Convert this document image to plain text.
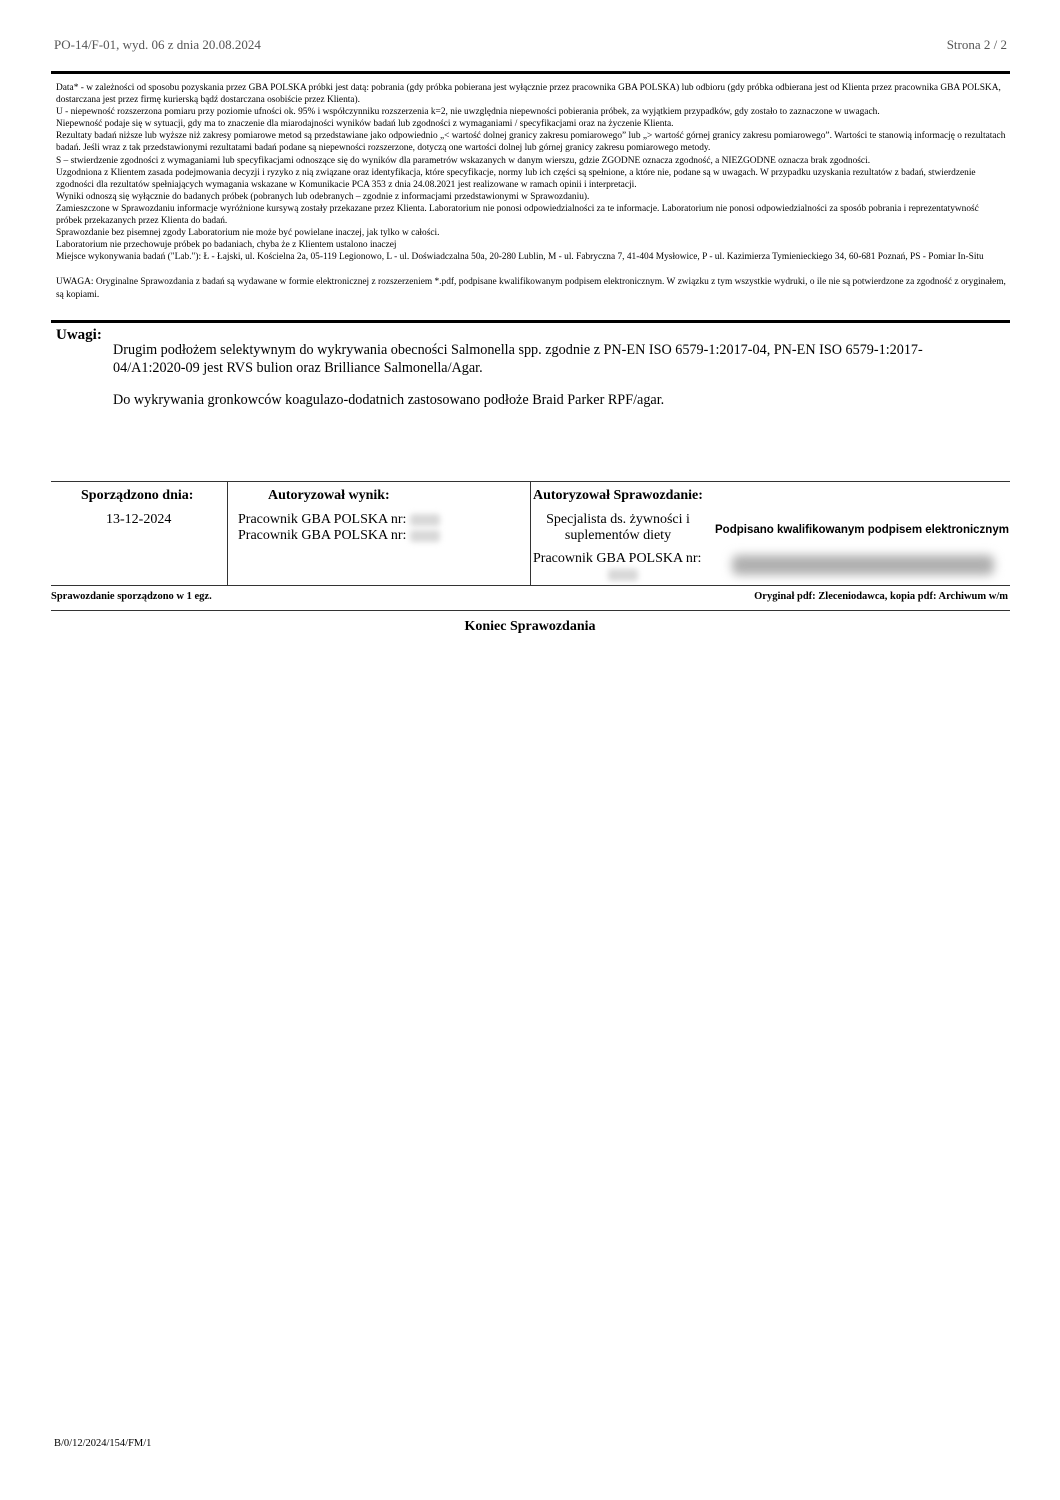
PO-14/F-01, wyd. 06 z dnia 20.08.2024	Strona 2 / 2
Data* - w zależności od sposobu pozyskania przez GBA POLSKA próbki jest datą: pobrania (gdy próbka pobierana jest wyłącznie przez pracownika GBA POLSKA) lub odbioru (gdy próbka odbierana jest od Klienta przez pracownika GBA POLSKA, dostarczana jest przez firmę kurierską bądź dostarczana osobiście przez Klienta).
U - niepewność rozszerzona pomiaru przy poziomie ufności ok. 95% i współczynniku rozszerzenia k=2, nie uwzględnia niepewności pobierania próbek, za wyjątkiem przypadków, gdy zostało to zaznaczone w uwagach.
Niepewność podaje się w sytuacji, gdy ma to znaczenie dla miarodajności wyników badań lub zgodności z wymaganiami / specyfikacjami oraz na życzenie Klienta.
Rezultaty badań niższe lub wyższe niż zakresy pomiarowe metod są przedstawiane jako odpowiednio „< wartość dolnej granicy zakresu pomiarowego” lub „> wartość górnej granicy zakresu pomiarowego”. Wartości te stanowią informację o rezultatach badań. Jeśli wraz z tak przedstawionymi rezultatami badań podane są niepewności rozszerzone, dotyczą one wartości dolnej lub górnej granicy zakresu pomiarowego metody.
S – stwierdzenie zgodności z wymaganiami lub specyfikacjami odnoszące się do wyników dla parametrów wskazanych w danym wierszu, gdzie ZGODNE oznacza zgodność, a NIEZGODNE oznacza brak zgodności.
Uzgodniona z Klientem zasada podejmowania decyzji i ryzyko z nią związane oraz identyfikacja, które specyfikacje, normy lub ich części są spełnione, a które nie, podane są w uwagach. W przypadku uzyskania rezultatów z badań, stwierdzenie zgodności dla rezultatów spełniających wymagania wskazane w Komunikacie PCA 353 z dnia 24.08.2021 jest realizowane w ramach opinii i interpretacji.
Wyniki odnoszą się wyłącznie do badanych próbek (pobranych lub odebranych – zgodnie z informacjami przedstawionymi w Sprawozdaniu).
Zamieszczone w Sprawozdaniu informacje wyróżnione kursywą zostały przekazane przez Klienta. Laboratorium nie ponosi odpowiedzialności za te informacje. Laboratorium nie ponosi odpowiedzialności za sposób pobrania i reprezentatywność próbek przekazanych przez Klienta do badań.
Sprawozdanie bez pisemnej zgody Laboratorium nie może być powielane inaczej, jak tylko w całości.
Laboratorium nie przechowuje próbek po badaniach, chyba że z Klientem ustalono inaczej
Miejsce wykonywania badań ("Lab."): Ł - Łajski, ul. Kościelna 2a, 05-119 Legionowo, L - ul. Doświadczalna 50a, 20-280 Lublin, M - ul. Fabryczna 7, 41-404 Mysłowice, P - ul. Kazimierza Tymienieckiego 34, 60-681 Poznań, PS - Pomiar In-Situ
UWAGA: Oryginalne Sprawozdania z badań są wydawane w formie elektronicznej z rozszerzeniem *.pdf, podpisane kwalifikowanym podpisem elektronicznym. W związku z tym wszystkie wydruki, o ile nie są potwierdzone za zgodność z oryginałem, są kopiami.
Uwagi:

Drugim podłożem selektywnym do wykrywania obecności Salmonella spp. zgodnie z PN-EN ISO 6579-1:2017-04, PN-EN ISO 6579-1:2017-04/A1:2020-09 jest RVS bulion oraz Brilliance Salmonella/Agar.

Do wykrywania gronkowców koagulazo-dodatnich zastosowano podłoże Braid Parker RPF/agar.

Sporządzono dnia:
13-12-2024
Autoryzował wynik:
Pracownik GBA POLSKA nr:
Pracownik GBA POLSKA nr:
Autoryzował Sprawozdanie:
Specjalista ds. żywności i suplementów diety
Pracownik GBA POLSKA nr:
Podpisano kwalifikowanym podpisem elektronicznym
Sprawozdanie sporządzono w 1 egz.	Oryginał pdf: Zleceniodawca, kopia pdf: Archiwum w/m
Koniec Sprawozdania
B/0/12/2024/154/FM/1
